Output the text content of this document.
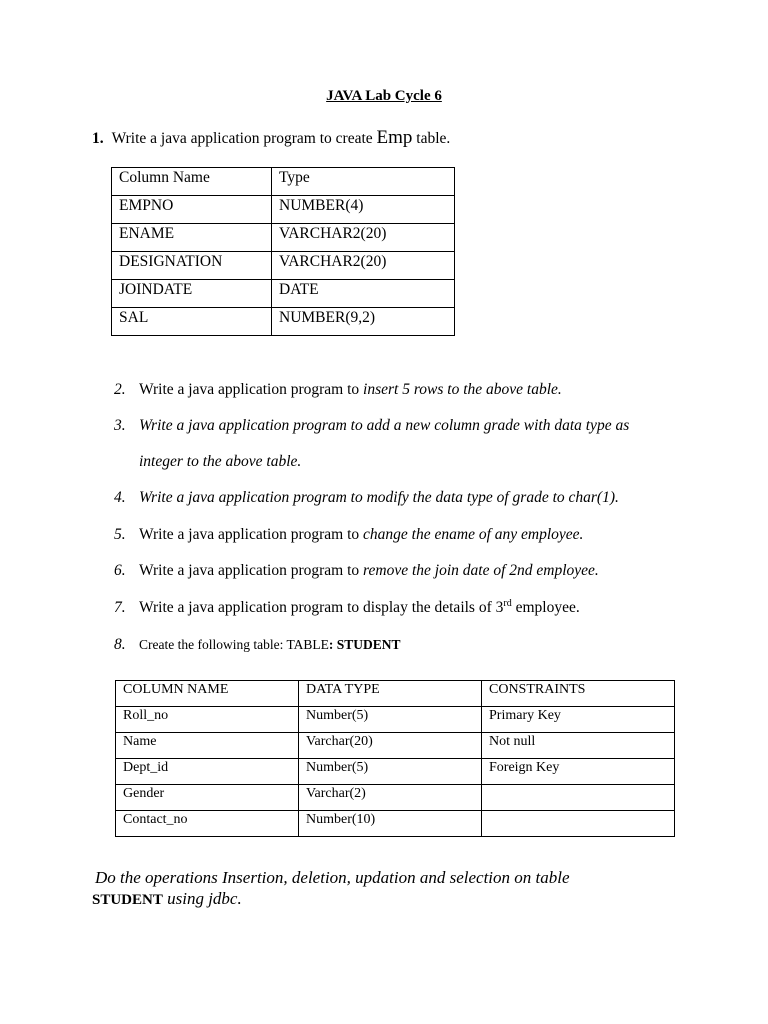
JAVA Lab Cycle 6
1. Write a java application program to create Emp table.
Column Name	Type
EMPNO	NUMBER(4)
ENAME	VARCHAR2(20)
DESIGNATION	VARCHAR2(20)
JOINDATE	DATE
SAL	NUMBER(9,2)
2. Write a java application program to insert 5 rows to the above table.
3. Write a java application program to add a new column grade with data type as
integer to the above table.
4. Write a java application program to modify the data type of grade to char(1).
5. Write a java application program to change the ename of any employee.
6. Write a java application program to remove the join date of 2nd employee.
7. Write a java application program to display the details of 3rd employee.
8. Create the following table: TABLE: STUDENT
COLUMN NAME	DATA TYPE	CONSTRAINTS
Roll_no	Number(5)	Primary Key
Name	Varchar(20)	Not null
Dept_id	Number(5)	Foreign Key
Gender	Varchar(2)	
Contact_no	Number(10)	
Do the operations Insertion, deletion, updation and selection on table
STUDENT using jdbc.
